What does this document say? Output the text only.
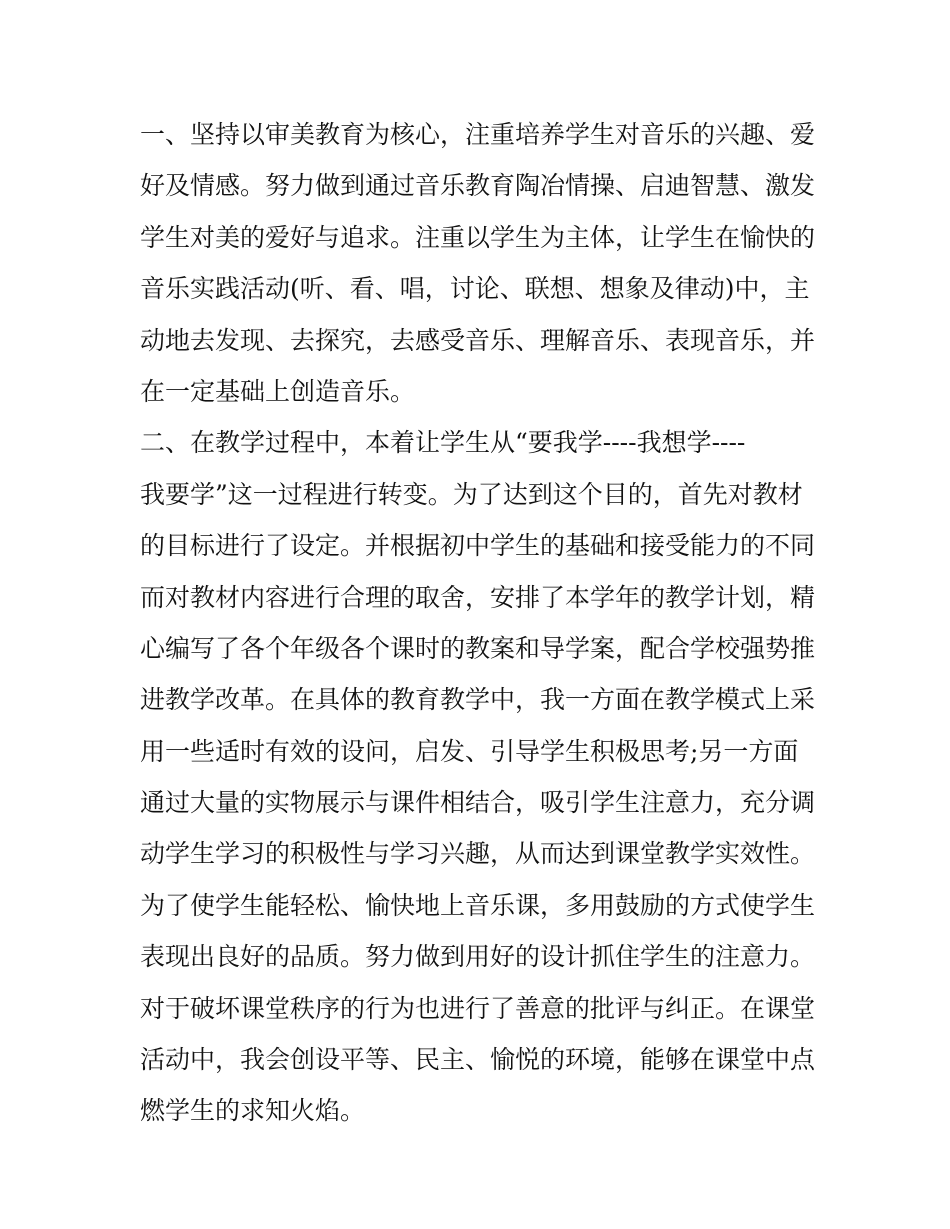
一、坚持以审美教育为核心，注重培养学生对音乐的兴趣、爱
好及情感。努力做到通过音乐教育陶冶情操、启迪智慧、激发
学生对美的爱好与追求。注重以学生为主体，让学生在愉快的
音乐实践活动(听、看、唱，讨论、联想、想象及律动)中，主
动地去发现、去探究，去感受音乐、理解音乐、表现音乐，并
在一定基础上创造音乐。
二、在教学过程中，本着让学生从“要我学----我想学----
我要学”这一过程进行转变。为了达到这个目的，首先对教材
的目标进行了设定。并根据初中学生的基础和接受能力的不同
而对教材内容进行合理的取舍，安排了本学年的教学计划，精
心编写了各个年级各个课时的教案和导学案，配合学校强势推
进教学改革。在具体的教育教学中，我一方面在教学模式上采
用一些适时有效的设问，启发、引导学生积极思考;另一方面
通过大量的实物展示与课件相结合，吸引学生注意力，充分调
动学生学习的积极性与学习兴趣，从而达到课堂教学实效性。
为了使学生能轻松、愉快地上音乐课，多用鼓励的方式使学生
表现出良好的品质。努力做到用好的设计抓住学生的注意力。
对于破坏课堂秩序的行为也进行了善意的批评与纠正。在课堂
活动中，我会创设平等、民主、愉悦的环境，能够在课堂中点
燃学生的求知火焰。
